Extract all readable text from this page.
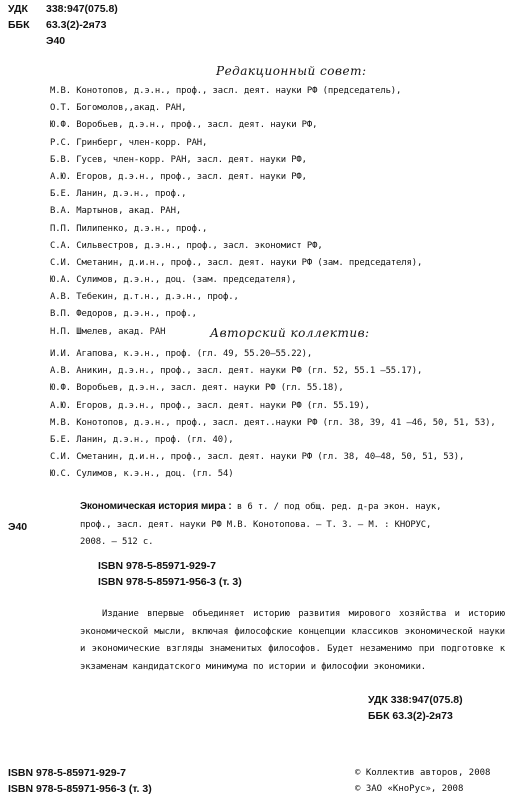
УДК 338:947(075.8)
ББК 63.3(2)-2я73
Э40
Редакционный совет:
М.В. Конотопов, д.э.н., проф., засл. деят. науки РФ (председатель),
О.Т. Богомолов,,акад. РАН,
Ю.Ф. Воробьев, д.э.н., проф., засл. деят. науки РФ,
Р.С. Гринберг, член-корр. РАН,
Б.В. Гусев, член-корр. РАН, засл. деят. науки РФ,
А.Ю. Егоров, д.э.н., проф., засл. деят. науки РФ,
Б.Е. Ланин, д.э.н., проф.,
В.А. Мартынов, акад. РАН,
П.П. Пилипенко, д.э.н., проф.,
С.А. Сильвестров, д.э.н., проф., засл. экономист РФ,
С.И. Сметанин, д.и.н., проф., засл. деят. науки РФ (зам. председателя),
Ю.А. Сулимов, д.э.н., доц. (зам. председателя),
А.В. Тебекин, д.т.н., д.э.н., проф.,
В.П. Федоров, д.э.н., проф.,
Н.П. Шмелев, акад. РАН	Авторский коллектив:
И.И. Агапова, к.э.н., проф. (гл. 49, 55.20—55.22),
А.В. Аникин, д.э.н., проф., засл. деят. науки РФ (гл. 52, 55.1 —55.17),
Ю.Ф. Воробьев, д.э.н., засл. деят. науки РФ (гл. 55.18),
А.Ю. Егоров, д.э.н., проф., засл. деят. науки РФ (гл. 55.19),
М.В. Конотопов, д.э.н., проф., засл. деят..науки РФ (гл. 38, 39, 41 —46, 50, 51, 53),
Б.Е. Ланин, д.э.н., проф. (гл. 40),
С.И. Сметанин, д.и.н., проф., засл. деят. науки РФ (гл. 38, 40—48, 50, 51, 53),
Ю.С. Сулимов, к.э.н., доц. (гл. 54)
Э40
Экономическая история мира : в 6 т. / под общ. ред. д-ра экон. наук,
проф., засл. деят. науки РФ М.В. Конотопова. — Т. 3. — М. : КНОРУС,
2008. — 512 с.
ISBN 978-5-85971-929-7
ISBN 978-5-85971-956-3 (т. 3)
Издание впервые объединяет историю развития мирового хозяйства и историю экономической мысли, включая философские концепции классиков экономической науки и экономические взгляды знаменитых философов. Будет незаменимо при подготовке к экзаменам кандидатского минимума по истории и философии экономики.
УДК 338:947(075.8)
ББК 63.3(2)-2я73
ISBN 978-5-85971-929-7
ISBN 978-5-85971-956-3 (т. 3)
© Коллектив авторов, 2008
© ЗАО «КноРус», 2008
